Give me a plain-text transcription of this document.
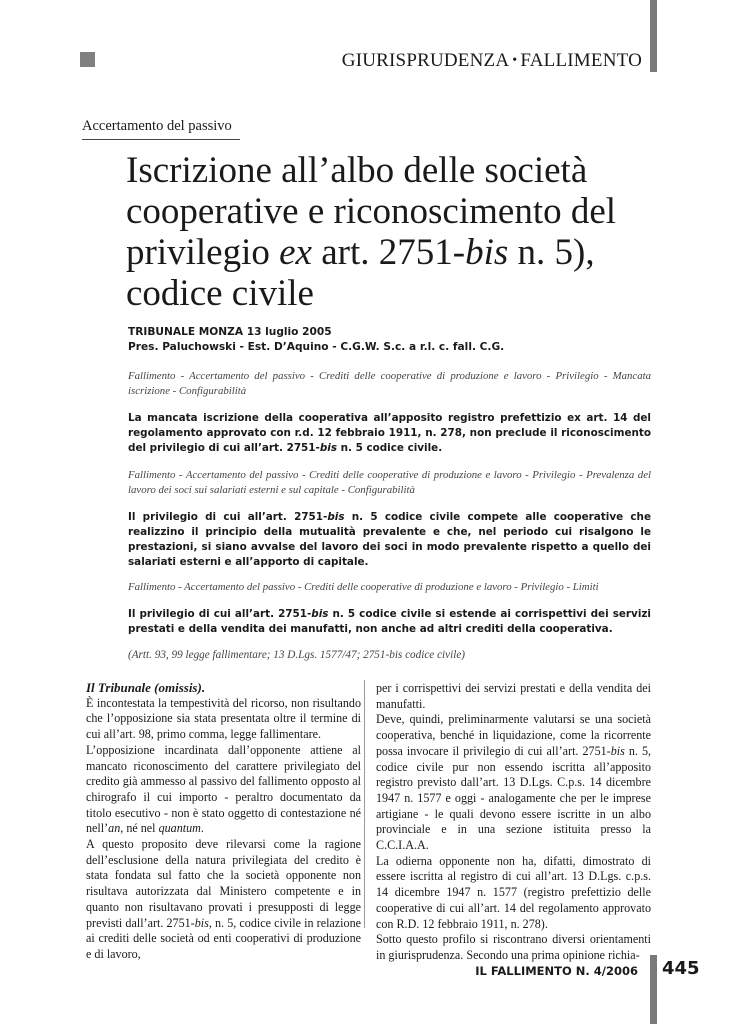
GIURISPRUDENZA • FALLIMENTO
Accertamento del passivo
Iscrizione all’albo delle società cooperative e riconoscimento del privilegio ex art. 2751-bis n. 5), codice civile
TRIBUNALE MONZA 13 luglio 2005
Pres. Paluchowski - Est. D’Aquino - C.G.W. S.c. a r.l. c. fall. C.G.

Fallimento - Accertamento del passivo - Crediti delle cooperative di produzione e lavoro - Privilegio - Mancata iscrizione - Configurabilità

La mancata iscrizione della cooperativa all’apposito registro prefettizio ex art. 14 del regolamento approvato con r.d. 12 febbraio 1911, n. 278, non preclude il riconoscimento del privilegio di cui all’art. 2751-bis n. 5 codice civile.

Fallimento - Accertamento del passivo - Crediti delle cooperative di produzione e lavoro - Privilegio - Prevalenza del lavoro dei soci sui salariati esterni e sul capitale - Configurabilità

Il privilegio di cui all’art. 2751-bis n. 5 codice civile compete alle cooperative che realizzino il principio della mutualità prevalente e che, nel periodo cui risalgono le prestazioni, si siano avvalse del lavoro dei soci in modo prevalente rispetto a quello dei salariati esterni e all’apporto di capitale.

Fallimento - Accertamento del passivo - Crediti delle cooperative di produzione e lavoro - Privilegio - Limiti

Il privilegio di cui all’art. 2751-bis n. 5 codice civile si estende ai corrispettivi dei servizi prestati e della vendita dei manufatti, non anche ad altri crediti della cooperativa.

(Artt. 93, 99 legge fallimentare; 13 D.Lgs. 1577/47; 2751-bis codice civile)

Il Tribunale (omissis).

È incontestata la tempestività del ricorso, non risultando che l’opposizione sia stata presentata oltre il termine di cui all’art. 98, primo comma, legge fallimentare.

L’opposizione incardinata dall’opponente attiene al mancato riconoscimento del carattere privilegiato del credito già ammesso al passivo del fallimento opposto al chirografo il cui importo - peraltro documentato da titolo esecutivo - non è stato oggetto di contestazione né nell’an, né nel quantum.

A questo proposito deve rilevarsi come la ragione dell’esclusione della natura privilegiata del credito è stata fondata sul fatto che la società opponente non risultava autorizzata dal Ministero competente e in quanto non risultavano provati i presupposti di legge previsti dall’art. 2751-bis, n. 5, codice civile in relazione ai crediti delle società od enti cooperativi di produzione e di lavoro,

per i corrispettivi dei servizi prestati e della vendita dei manufatti.

Deve, quindi, preliminarmente valutarsi se una società cooperativa, benché in liquidazione, come la ricorrente possa invocare il privilegio di cui all’art. 2751-bis n. 5, codice civile pur non essendo iscritta all’apposito registro previsto dall’art. 13 D.Lgs. C.p.s. 14 dicembre 1947 n. 1577 e oggi - analogamente che per le imprese artigiane - le quali devono essere iscritte in un albo provinciale e in una sezione istituita presso la C.C.I.A.A.

La odierna opponente non ha, difatti, dimostrato di essere iscritta al registro di cui all’art. 13 D.Lgs. c.p.s. 14 dicembre 1947 n. 1577 (registro prefettizio delle cooperative di cui all’art. 14 del regolamento approvato con R.D. 12 febbraio 1911, n. 278).

Sotto questo profilo si riscontrano diversi orientamenti in giurisprudenza. Secondo una prima opinione richia-

IL FALLIMENTO N. 4/2006 445
